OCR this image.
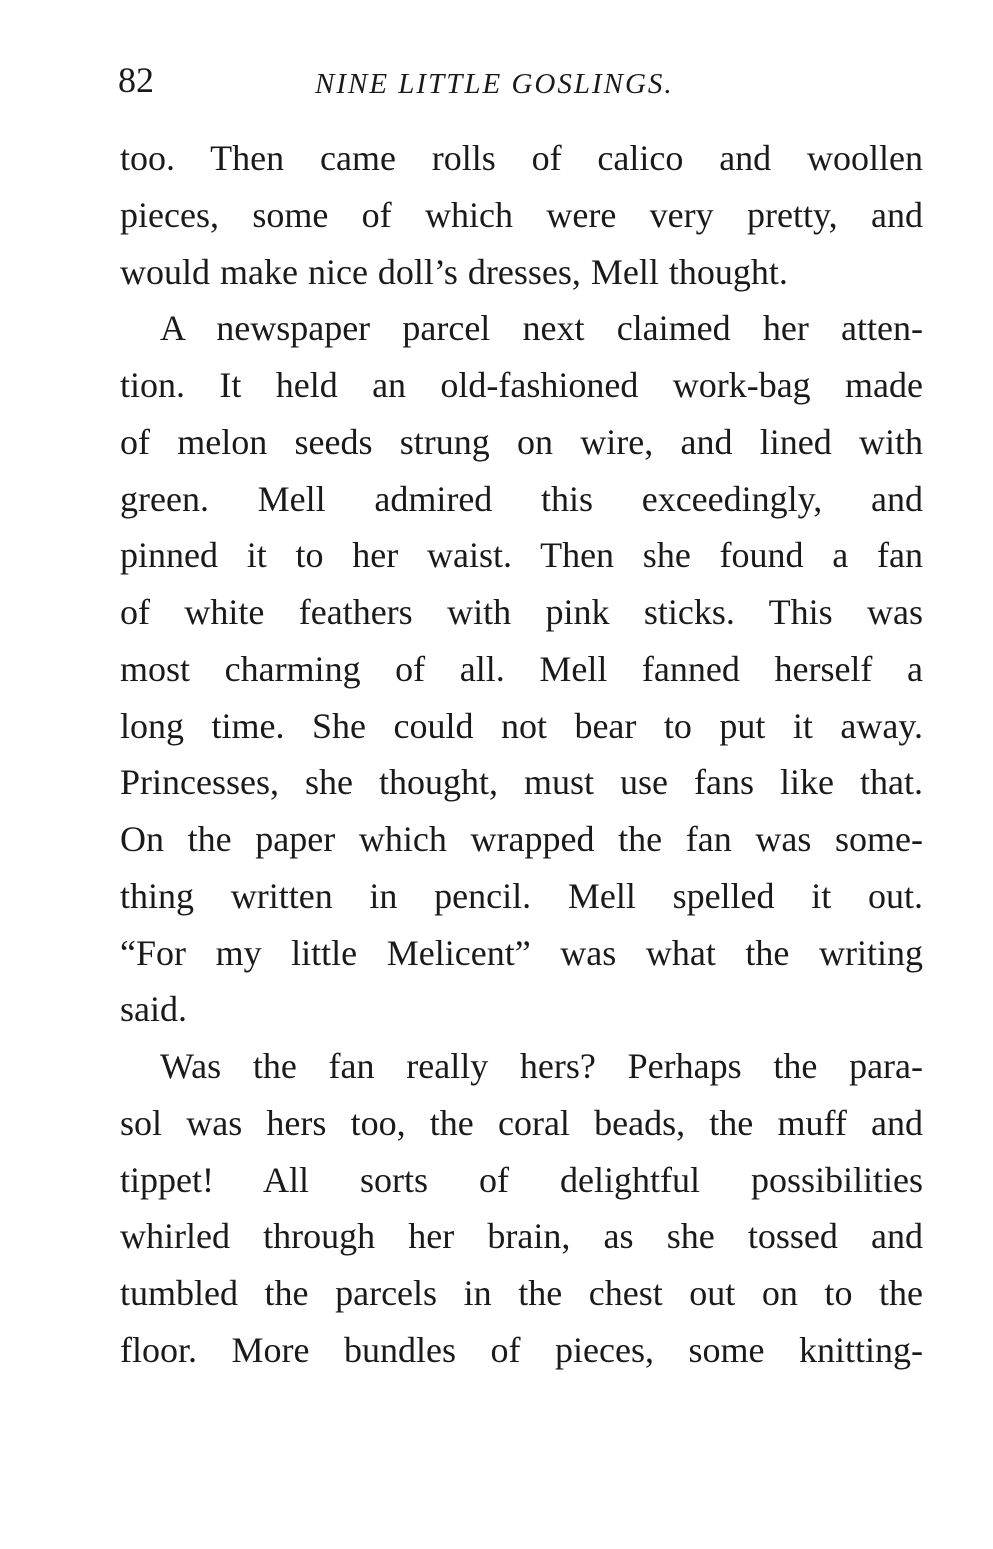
82	NINE LITTLE GOSLINGS.
too. Then came rolls of calico and woollen
pieces, some of which were very pretty, and
would make nice doll’s dresses, Mell thought.
A newspaper parcel next claimed her atten-
tion. It held an old-fashioned work-bag made
of melon seeds strung on wire, and lined with
green. Mell admired this exceedingly, and
pinned it to her waist. Then she found a fan
of white feathers with pink sticks. This was
most charming of all. Mell fanned herself a
long time. She could not bear to put it away.
Princesses, she thought, must use fans like that.
On the paper which wrapped the fan was some-
thing written in pencil. Mell spelled it out.
“For my little Melicent” was what the writing
said.
Was the fan really hers? Perhaps the para-
sol was hers too, the coral beads, the muff and
tippet! All sorts of delightful possibilities
whirled through her brain, as she tossed and
tumbled the parcels in the chest out on to the
floor. More bundles of pieces, some knitting-
